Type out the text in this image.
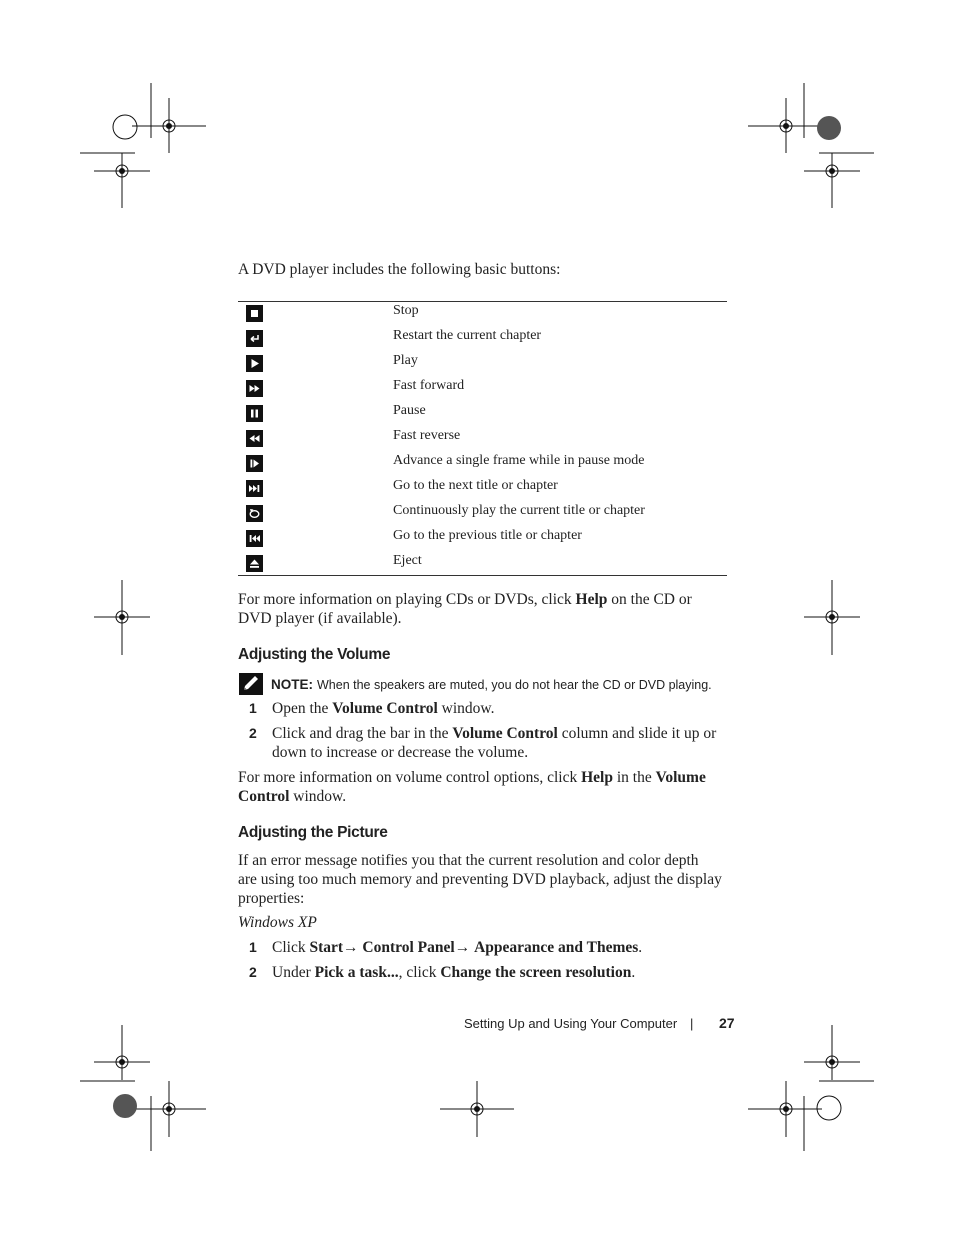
A DVD player includes the following basic buttons:
Stop
Restart the current chapter
Play
Fast forward
Pause
Fast reverse
Advance a single frame while in pause mode
Go to the next title or chapter
Continuously play the current title or chapter
Go to the previous title or chapter
Eject
For more information on playing CDs or DVDs, click Help on the CD or
DVD player (if available).
Adjusting the Volume
NOTE: When the speakers are muted, you do not hear the CD or DVD playing.
1 Open the Volume Control window.
2 Click and drag the bar in the Volume Control column and slide it up or
down to increase or decrease the volume.
For more information on volume control options, click Help in the Volume
Control window.
Adjusting the Picture
If an error message notifies you that the current resolution and color depth
are using too much memory and preventing DVD playback, adjust the display
properties:
Windows XP
1 Click Start→ Control Panel→ Appearance and Themes.
2 Under Pick a task..., click Change the screen resolution.
Setting Up and Using Your Computer | 27
